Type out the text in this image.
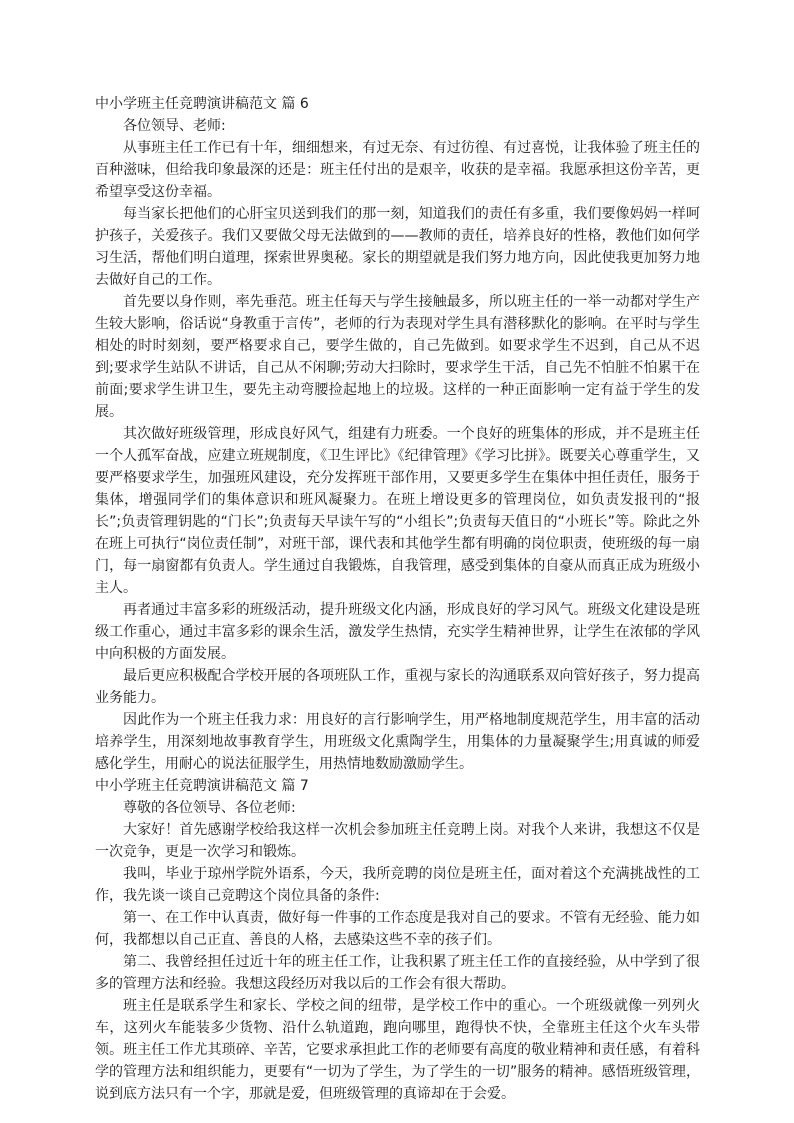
中小学班主任竞聘演讲稿范文 篇 6

各位领导、老师:

从事班主任工作已有十年，细细想来，有过无奈、有过彷徨、有过喜悦，让我体验了班主任的百种滋味，但给我印象最深的还是：班主任付出的是艰辛，收获的是幸福。我愿承担这份辛苦，更希望享受这份幸福。

每当家长把他们的心肝宝贝送到我们的那一刻，知道我们的责任有多重，我们要像妈妈一样呵护孩子，关爱孩子。我们又要做父母无法做到的——教师的责任，培养良好的性格，教他们如何学习生活，帮他们明白道理，探索世界奥秘。家长的期望就是我们努力地方向，因此使我更加努力地去做好自己的工作。

首先要以身作则，率先垂范。班主任每天与学生接触最多，所以班主任的一举一动都对学生产生较大影响，俗话说“身教重于言传”，老师的行为表现对学生具有潜移默化的影响。在平时与学生相处的时时刻刻，要严格要求自己，要学生做的，自己先做到。如要求学生不迟到，自己从不迟到;要求学生站队不讲话，自己从不闲聊;劳动大扫除时，要求学生干活，自己先不怕脏不怕累干在前面;要求学生讲卫生，要先主动弯腰捡起地上的垃圾。这样的一种正面影响一定有益于学生的发展。

其次做好班级管理，形成良好风气，组建有力班委。一个良好的班集体的形成，并不是班主任一个人孤军奋战，应建立班规制度，《卫生评比》《纪律管理》《学习比拼》。既要关心尊重学生，又要严格要求学生，加强班风建设，充分发挥班干部作用，又要更多学生在集体中担任责任，服务于集体，增强同学们的集体意识和班风凝聚力。在班上增设更多的管理岗位，如负责发报刊的“报长”;负责管理钥匙的“门长”;负责每天早读午写的“小组长”;负责每天值日的“小班长”等。除此之外在班上可执行“岗位责任制”，对班干部，课代表和其他学生都有明确的岗位职责，使班级的每一扇门，每一扇窗都有负责人。学生通过自我锻炼，自我管理，感受到集体的自豪从而真正成为班级小主人。

再者通过丰富多彩的班级活动，提升班级文化内涵，形成良好的学习风气。班级文化建设是班级工作重心，通过丰富多彩的课余生活，激发学生热情，充实学生精神世界，让学生在浓郁的学风中向积极的方面发展。

最后更应积极配合学校开展的各项班队工作，重视与家长的沟通联系双向管好孩子，努力提高业务能力。

因此作为一个班主任我力求：用良好的言行影响学生，用严格地制度规范学生，用丰富的活动培养学生，用深刻地故事教育学生，用班级文化熏陶学生，用集体的力量凝聚学生;用真诚的师爱感化学生，用耐心的说法征服学生，用热情地数励激励学生。

中小学班主任竞聘演讲稿范文 篇 7

尊敬的各位领导、各位老师:

大家好！首先感谢学校给我这样一次机会参加班主任竞聘上岗。对我个人来讲，我想这不仅是一次竞争，更是一次学习和锻炼。

我叫，毕业于琼州学院外语系，今天，我所竞聘的岗位是班主任，面对着这个充满挑战性的工作，我先谈一谈自己竞聘这个岗位具备的条件:

第一、在工作中认真责，做好每一件事的工作态度是我对自己的要求。不管有无经验、能力如何，我都想以自己正直、善良的人格，去感染这些不幸的孩子们。

第二、我曾经担任过近十年的班主任工作，让我积累了班主任工作的直接经验，从中学到了很多的管理方法和经验。我想这段经历对我以后的工作会有很大帮助。

班主任是联系学生和家长、学校之间的纽带，是学校工作中的重心。一个班级就像一列列火车，这列火车能装多少货物、沿什么轨道跑，跑向哪里，跑得快不快，全靠班主任这个火车头带领。班主任工作尤其琐碎、辛苦，它要求承担此工作的老师要有高度的敬业精神和责任感，有着科学的管理方法和组织能力，更要有“一切为了学生，为了学生的一切”服务的精神。感悟班级管理，说到底方法只有一个字，那就是爱，但班级管理的真谛却在于会爱。
